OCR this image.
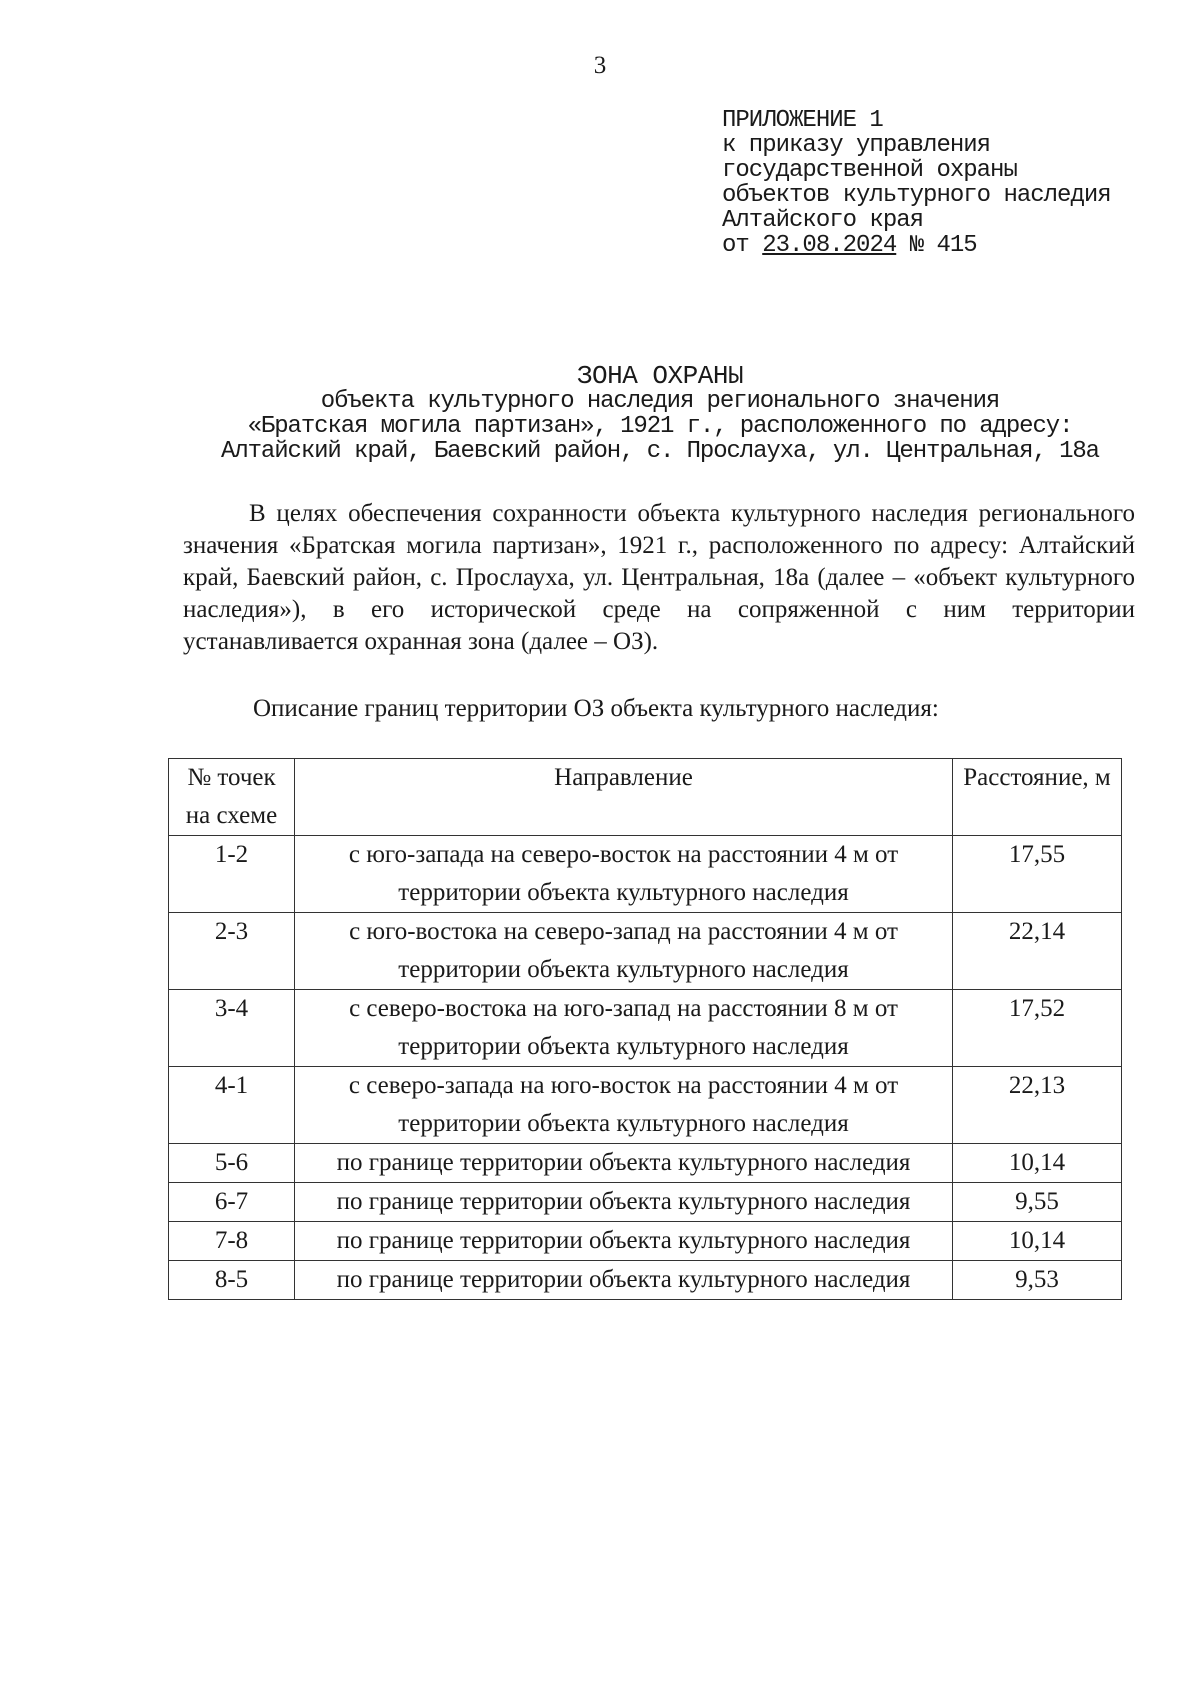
3
ПРИЛОЖЕНИЕ 1
к приказу управления
государственной охраны
объектов культурного наследия
Алтайского края
от 23.08.2024 № 415
ЗОНА ОХРАНЫ
объекта культурного наследия регионального значения
«Братская могила партизан», 1921 г., расположенного по адресу:
Алтайский край, Баевский район, с. Прослауха, ул. Центральная, 18а

В целях обеспечения сохранности объекта культурного наследия регионального значения «Братская могила партизан», 1921 г., расположенного по адресу: Алтайский край, Баевский район, с. Прослауха, ул. Центральная, 18а (далее – «объект культурного наследия»), в его исторической среде на сопряженной с ним территории устанавливается охранная зона (далее – ОЗ).

Описание границ территории ОЗ объекта культурного наследия:
№ точек на схеме	Направление	Расстояние, м
1-2	с юго-запада на северо-восток на расстоянии 4 м от территории объекта культурного наследия	17,55
2-3	с юго-востока на северо-запад на расстоянии 4 м от территории объекта культурного наследия	22,14
3-4	с северо-востока на юго-запад на расстоянии 8 м от территории объекта культурного наследия	17,52
4-1	с северо-запада на юго-восток на расстоянии 4 м от территории объекта культурного наследия	22,13
5-6	по границе территории объекта культурного наследия	10,14
6-7	по границе территории объекта культурного наследия	9,55
7-8	по границе территории объекта культурного наследия	10,14
8-5	по границе территории объекта культурного наследия	9,53
